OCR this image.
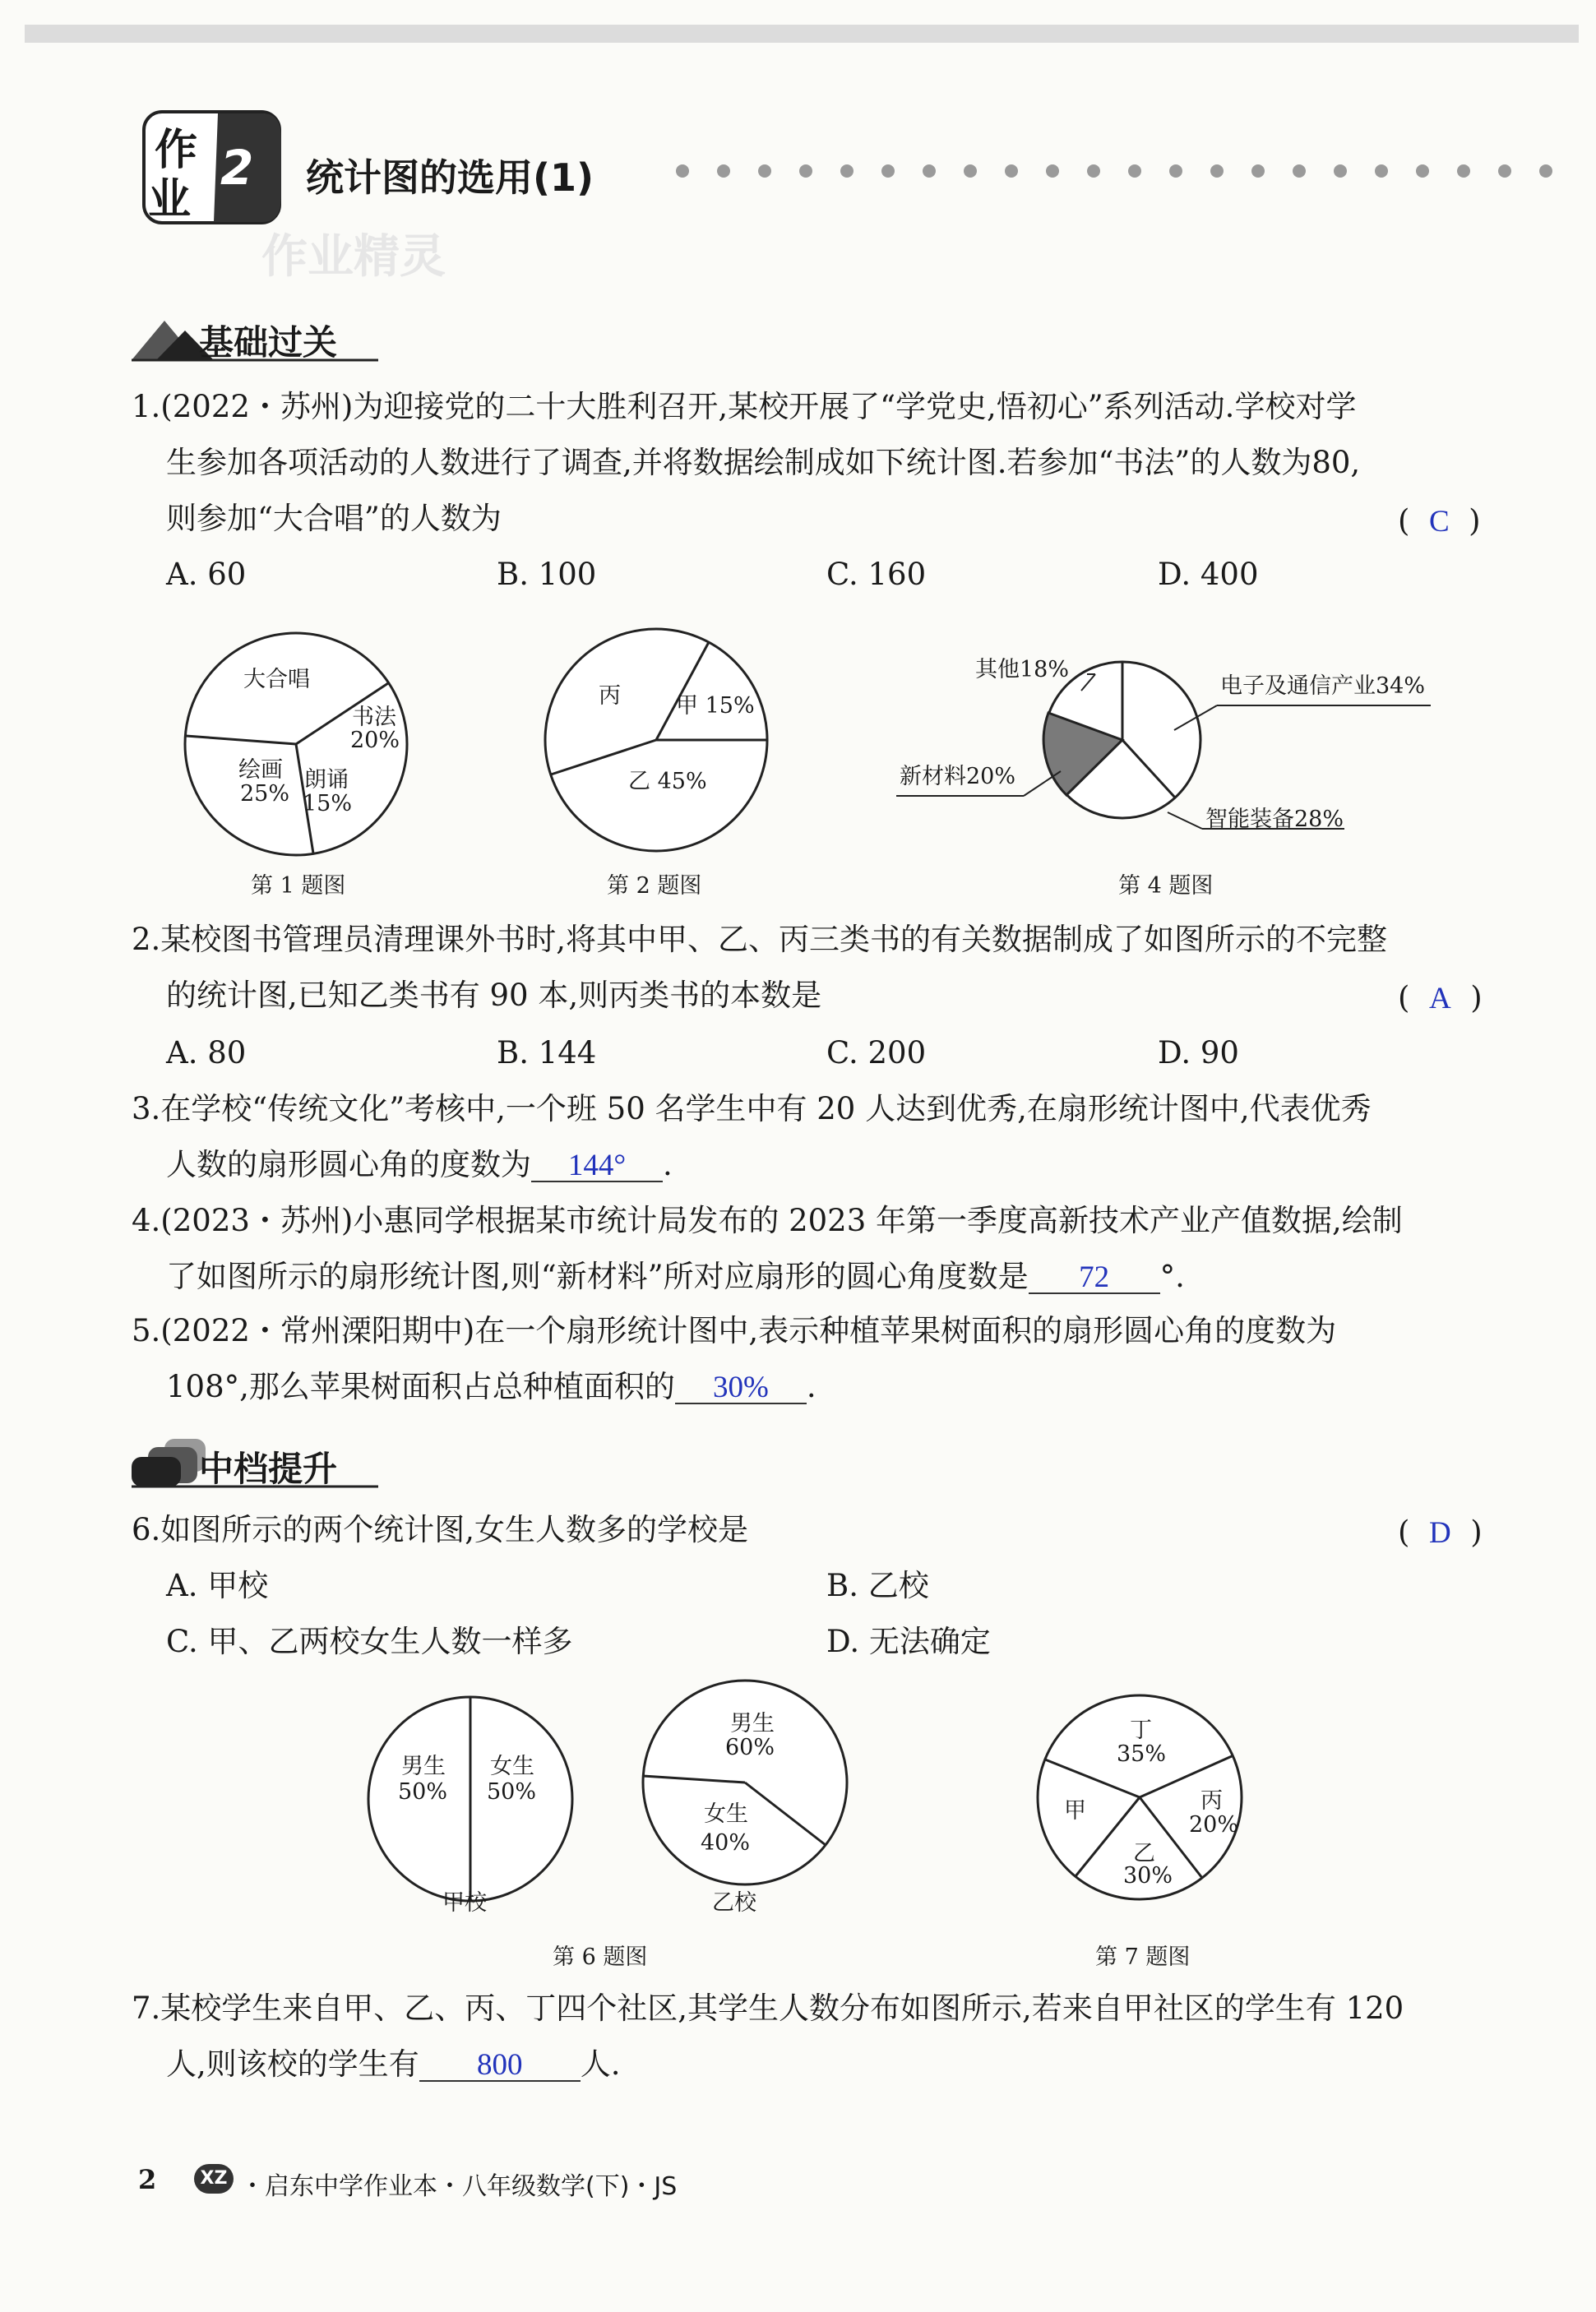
作
业
2 统计图的选用(1)
作业精灵
基础过关
1.(2022・苏州)为迎接党的二十大胜利召开,某校开展了“学党史,悟初心”系列活动.学校对学
生参加各项活动的人数进行了调查,并将数据绘制成如下统计图.若参加“书法”的人数为80,
则参加“大合唱”的人数为	(  C  )
A. 60	B. 100	C. 160	D. 400
大合唱
书法
20%
绘画
25%
朗诵
15%
第 1 题图
丙 甲 15%
乙 45%
第 2 题图
其他18%
电子及通信产业34%
新材料20%
智能装备28%
第 4 题图
2.某校图书管理员清理课外书时,将其中甲、乙、丙三类书的有关数据制成了如图所示的不完整
的统计图,已知乙类书有 90 本,则丙类书的本数是	(  A  )
A. 80	B. 144	C. 200	D. 90
3.在学校“传统文化”考核中,一个班 50 名学生中有 20 人达到优秀,在扇形统计图中,代表优秀
人数的扇形圆心角的度数为 144° .
4.(2023・苏州)小惠同学根据某市统计局发布的 2023 年第一季度高新技术产业产值数据,绘制
了如图所示的扇形统计图,则“新材料”所对应扇形的圆心角度数是 72 °.
5.(2022・常州溧阳期中)在一个扇形统计图中,表示种植苹果树面积的扇形圆心角的度数为
108°,那么苹果树面积占总种植面积的 30% .
中档提升
6.如图所示的两个统计图,女生人数多的学校是	(  D  )
A. 甲校	B. 乙校
C. 甲、乙两校女生人数一样多	D. 无法确定
男生
50%
女生
50%
甲校
男生
60%
女生
40%
乙校
第 6 题图
丁
35%
甲	丙
20%
乙
30%
第 7 题图
7.某校学生来自甲、乙、丙、丁四个社区,其学生人数分布如图所示,若来自甲社区的学生有 120
人,则该校的学生有 800 人.
2	XZ ・启东中学作业本・八年级数学(下)・JS
